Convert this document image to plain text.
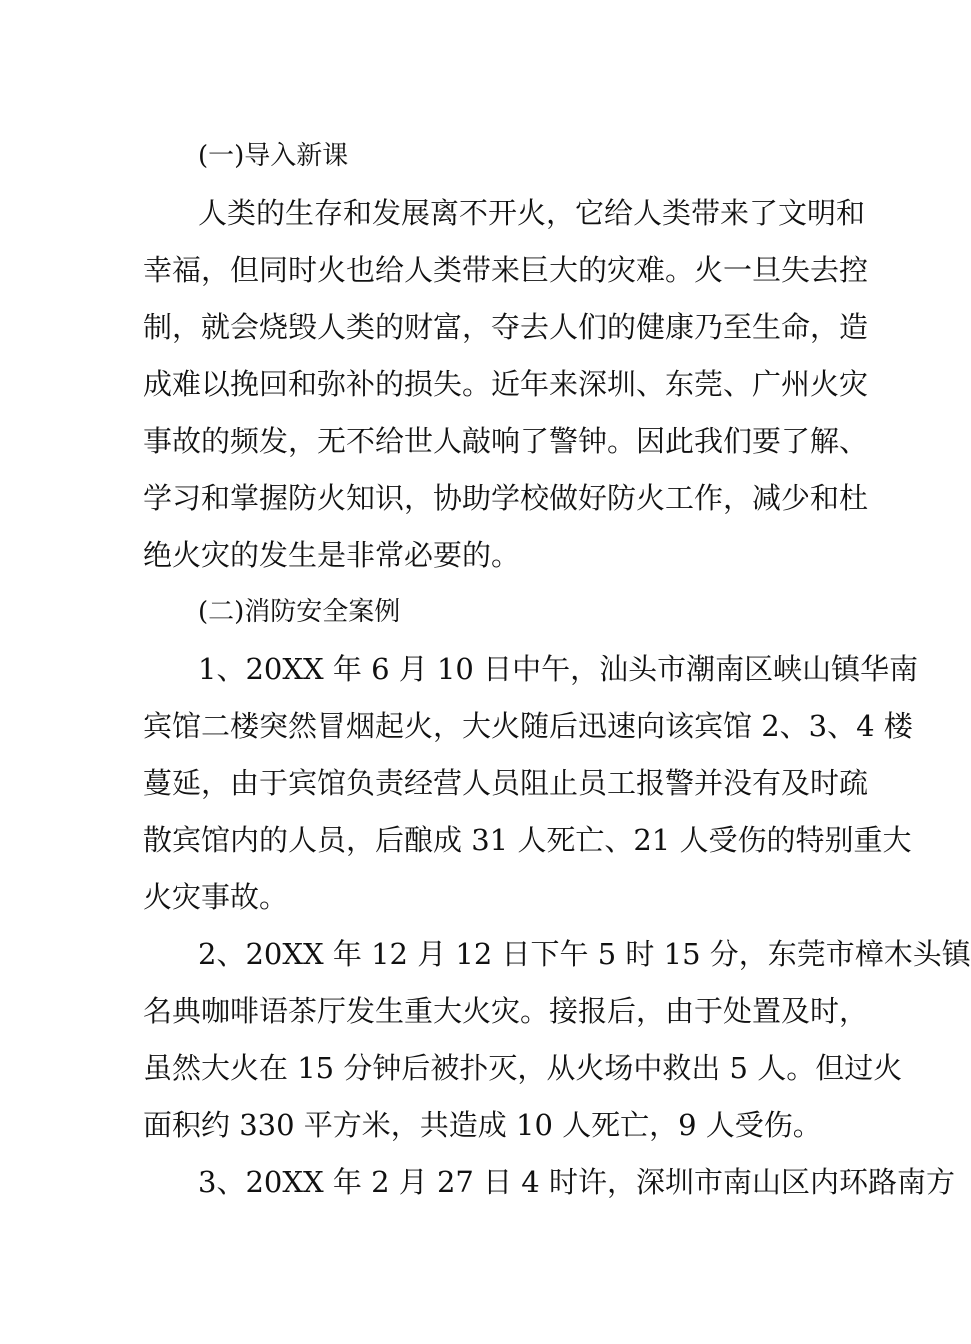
(一)导入新课

人类的生存和发展离不开火，它给人类带来了文明和
幸福，但同时火也给人类带来巨大的灾难。火一旦失去控
制，就会烧毁人类的财富，夺去人们的健康乃至生命，造
成难以挽回和弥补的损失。近年来深圳、东莞、广州火灾
事故的频发，无不给世人敲响了警钟。因此我们要了解、
学习和掌握防火知识，协助学校做好防火工作，减少和杜
绝火灾的发生是非常必要的。

(二)消防安全案例

1、20XX 年 6 月 10 日中午，汕头市潮南区峡山镇华南
宾馆二楼突然冒烟起火，大火随后迅速向该宾馆 2、3、4 楼
蔓延，由于宾馆负责经营人员阻止员工报警并没有及时疏
散宾馆内的人员，后酿成 31 人死亡、21 人受伤的特别重大
火灾事故。

2、20XX 年 12 月 12 日下午 5 时 15 分，东莞市樟木头镇
名典咖啡语茶厅发生重大火灾。接报后，由于处置及时，
虽然大火在 15 分钟后被扑灭，从火场中救出 5 人。但过火
面积约 330 平方米，共造成 10 人死亡，9 人受伤。

3、20XX 年 2 月 27 日 4 时许，深圳市南山区内环路南方
